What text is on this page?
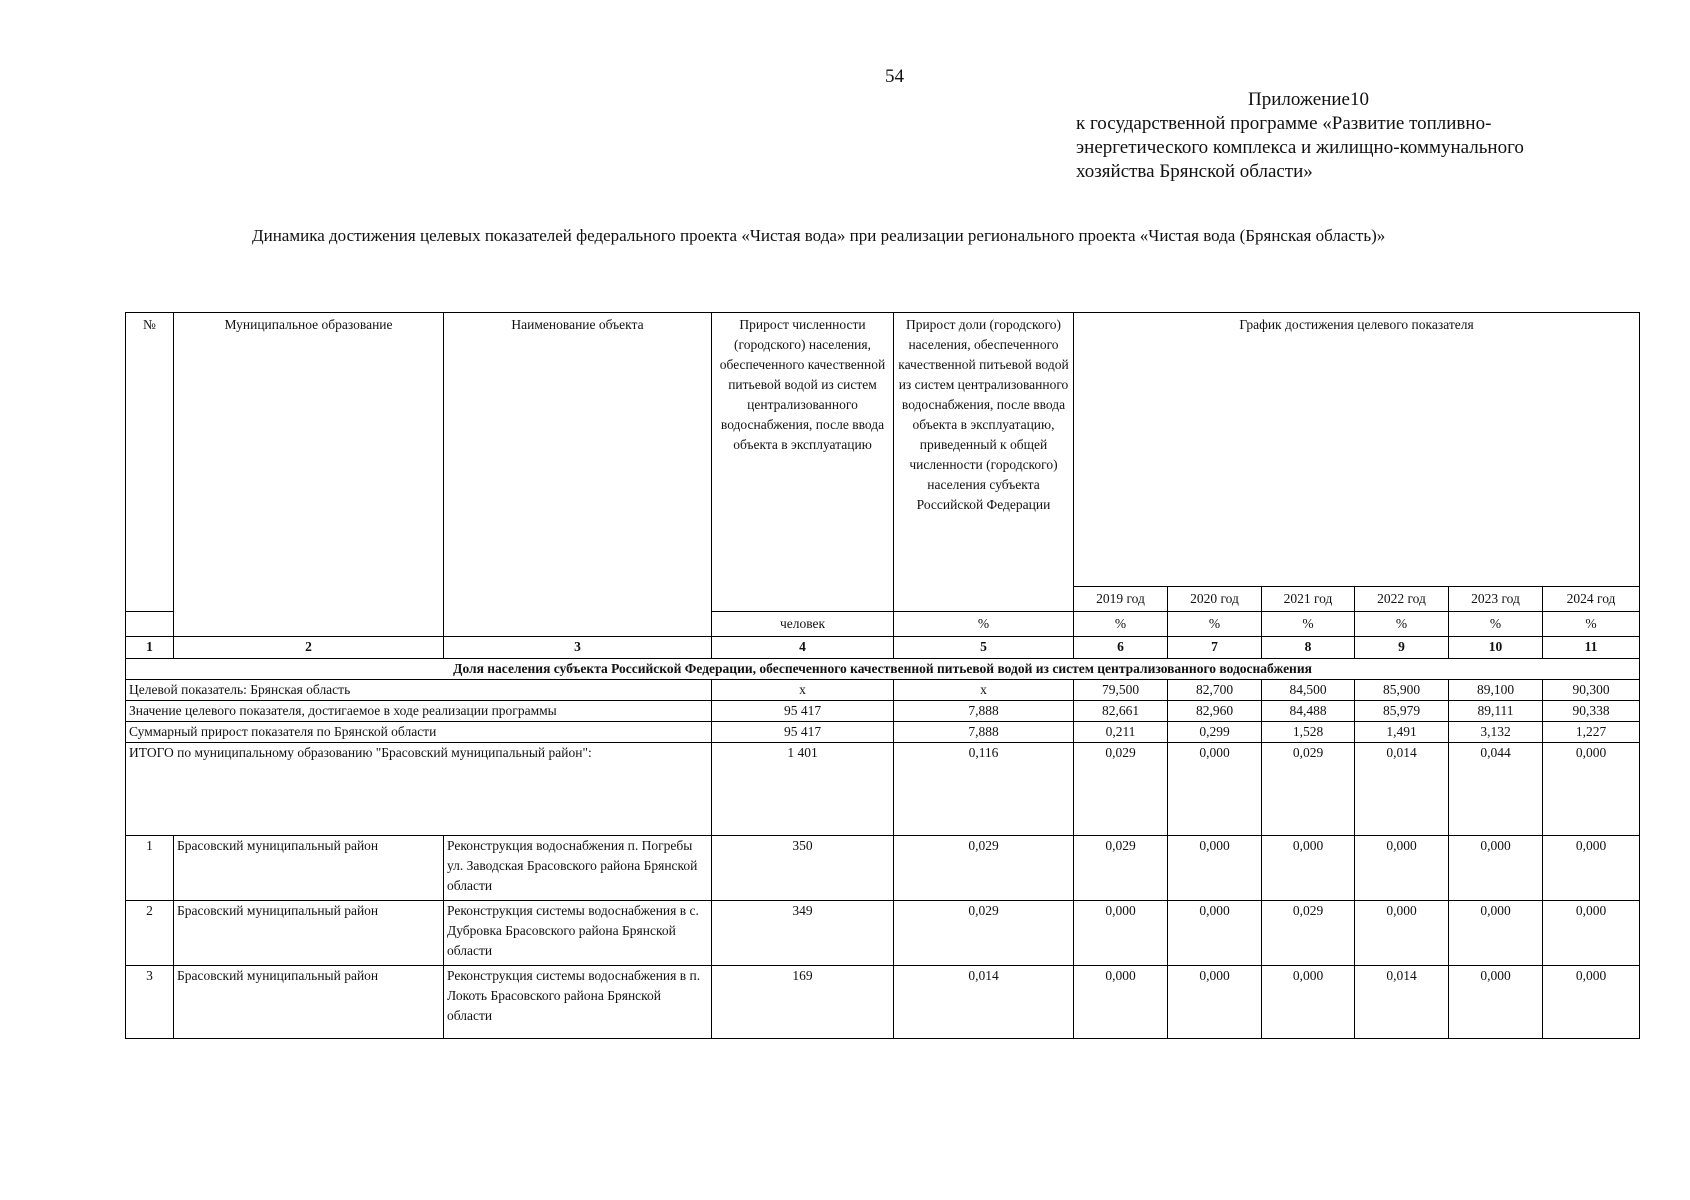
54
Приложение10
к государственной программе «Развитие топливно-
энергетического комплекса и жилищно-коммунального
хозяйства Брянской области»
Динамика достижения целевых показателей федерального проекта «Чистая вода» при реализации регионального проекта «Чистая вода (Брянская область)»
№	Муниципальное образование	Наименование объекта	Прирост численности (городского) населения, обеспеченного качественной питьевой водой из систем централизованного водоснабжения, после ввода объекта в эксплуатацию	Прирост доли (городского) населения, обеспеченного качественной питьевой водой из систем централизованного водоснабжения, после ввода объекта в эксплуатацию, приведенный к общей численности (городского) населения субъекта Российской Федерации	График достижения целевого показателя					
					2019 год	2020 год	2021 год	2022 год	2023 год	2024 год
			человек	%	%	%	%	%	%	%
1	2	3	4	5	6	7	8	9	10	11
Доля населения субъекта Российской Федерации, обеспеченного качественной питьевой водой из систем централизованного водоснабжения										
Целевой показатель: Брянская область			х	х	79,500	82,700	84,500	85,900	89,100	90,300
Значение целевого показателя, достигаемое в ходе реализации программы			95 417	7,888	82,661	82,960	84,488	85,979	89,111	90,338
Суммарный прирост показателя по Брянской области			95 417	7,888	0,211	0,299	1,528	1,491	3,132	1,227
ИТОГО по муниципальному образованию "Брасовский муниципальный район":			1 401	0,116	0,029	0,000	0,029	0,014	0,044	0,000
1	Брасовский муниципальный район	Реконструкция водоснабжения п. Погребы ул. Заводская Брасовского района Брянской области	350	0,029	0,029	0,000	0,000	0,000	0,000	0,000
2	Брасовский муниципальный район	Реконструкция системы водоснабжения в с. Дубровка Брасовского района Брянской области	349	0,029	0,000	0,000	0,029	0,000	0,000	0,000
3	Брасовский муниципальный район	Реконструкция системы водоснабжения в п. Локоть Брасовского района Брянской области	169	0,014	0,000	0,000	0,000	0,014	0,000	0,000
